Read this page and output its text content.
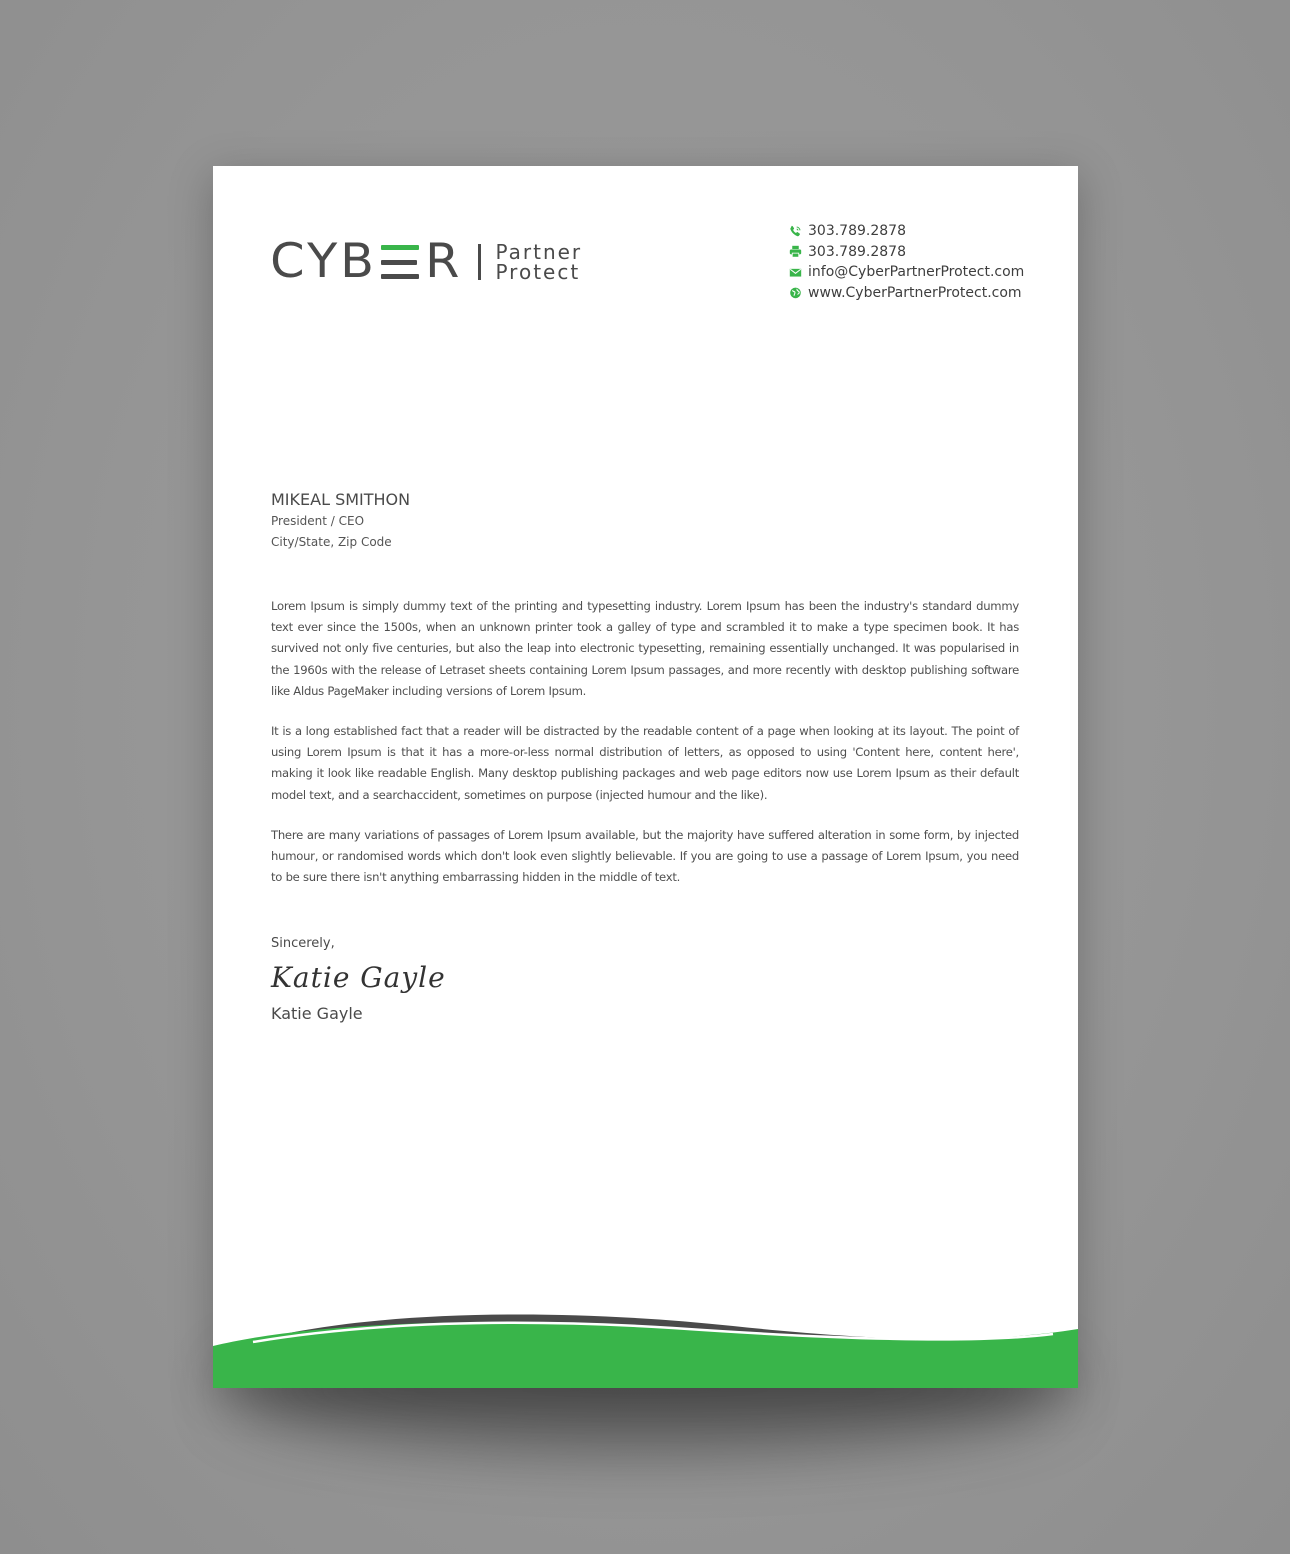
C
Y
B R Partner
Protect
303.789.2878
303.789.2878
info@CyberPartnerProtect.com
www.CyberPartnerProtect.com
MIKEAL SMITHON
President / CEO
City/State, Zip Code

Lorem Ipsum is simply dummy text of the printing and typesetting industry. Lorem Ipsum has been the industry's standard dummy text ever since the 1500s, when an unknown printer took a galley of type and scrambled it to make a type specimen book. It has survived not only five centuries, but also the leap into electronic typesetting, remaining essentially unchanged. It was popularised in the 1960s with the release of Letraset sheets containing Lorem Ipsum passages, and more recently with desktop publishing software like Aldus PageMaker including versions of Lorem Ipsum.

It is a long established fact that a reader will be distracted by the readable content of a page when looking at its layout. The point of using Lorem Ipsum is that it has a more-or-less normal distribution of letters, as opposed to using 'Content here, content here', making it look like readable English. Many desktop publishing packages and web page editors now use Lorem Ipsum as their default model text, and a searchaccident, sometimes on purpose (injected humour and the like).

There are many variations of passages of Lorem Ipsum available, but the majority have suffered alteration in some form, by injected humour, or randomised words which don't look even slightly believable. If you are going to use a passage of Lorem Ipsum, you need to be sure there isn't anything embarrassing hidden in the middle of text.

Sincerely,
Katie Gayle
Katie Gayle
